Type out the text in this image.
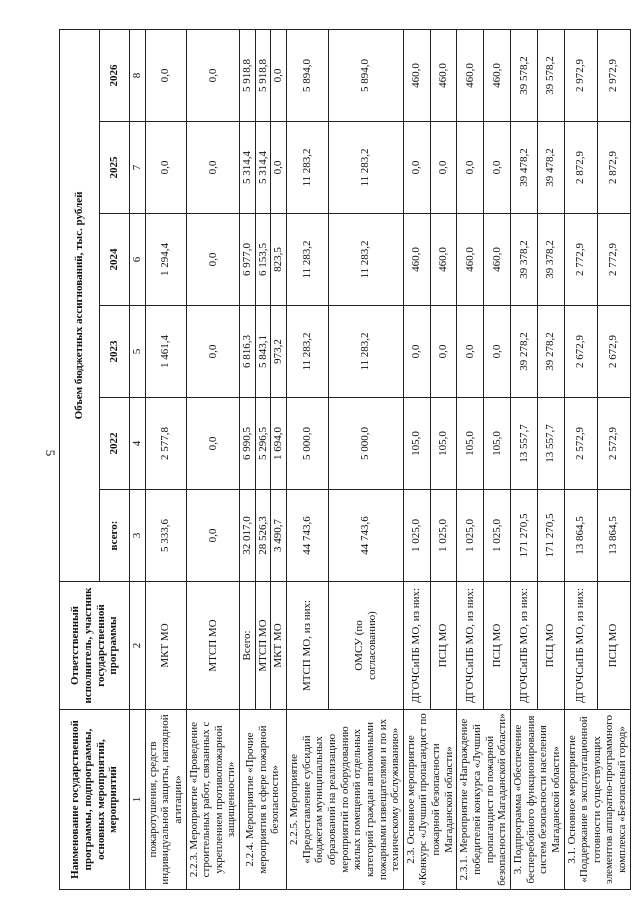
5
Наименование государственной программы, подпрограммы, основных мероприятий, мероприятий	Ответственный исполнитель, участник государственной программы	Объем бюджетных ассигнований, тыс. рублей					
		всего:	2022	2023	2024	2025	2026
1	2	3	4	5	6	7	8
пожаротушения, средств индивидуальной защиты, наглядной агитации»	МКТ МО	5 333,6	2 577,8	1 461,4	1 294,4	0,0	0,0
2.2.3. Мероприятие «Проведение строительных работ, связанных с укреплением противопожарной защищенности»	МТСП МО	0,0	0,0	0,0	0,0	0,0	0,0
2.2.4. Мероприятие «Прочие мероприятия в сфере пожарной безопасности»	Всего:	32 017,0	6 990,5	6 816,3	6 977,0	5 314,4	5 918,8
	МТСП МО	28 526,3	5 296,5	5 843,1	6 153,5	5 314,4	5 918,8
	МКТ МО	3 490,7	1 694,0	973,2	823,5	0,0	0,0
2.2.5. Мероприятие «Предоставление субсидий бюджетам муниципальных образований на реализацию мероприятий по оборудованию жилых помещений отдельных категорий граждан автономными пожарными извещателями и по их техническому обслуживанию»	МТСП МО, из них:	44 743,6	5 000,0	11 283,2	11 283,2	11 283,2	5 894,0
	ОМСУ (по согласованию)	44 743,6	5 000,0	11 283,2	11 283,2	11 283,2	5 894,0
2.3. Основное мероприятие «Конкурс «Лучший пропагандист по пожарной безопасности Магаданской области»	ДГОЧСиПБ МО, из них:	1 025,0	105,0	0,0	460,0	0,0	460,0
	ПСЦ МО	1 025,0	105,0	0,0	460,0	0,0	460,0
2.3.1. Мероприятие «Награждение победителей конкурса «Лучший пропагандист по пожарной безопасности Магаданской области»	ДГОЧСиПБ МО, из них:	1 025,0	105,0	0,0	460,0	0,0	460,0
	ПСЦ МО	1 025,0	105,0	0,0	460,0	0,0	460,0
3. Подпрограмма «Обеспечение бесперебойного функционирования систем безопасности населения Магаданской области»	ДГОЧСиПБ МО, из них:	171 270,5	13 557,7	39 278,2	39 378,2	39 478,2	39 578,2
	ПСЦ МО	171 270,5	13 557,7	39 278,2	39 378,2	39 478,2	39 578,2
3.1. Основное мероприятие «Поддержание в эксплуатационной готовности существующих элементов аппаратно-программного комплекса «Безопасный город»	ДГОЧСиПБ МО, из них:	13 864,5	2 572,9	2 672,9	2 772,9	2 872,9	2 972,9
	ПСЦ МО	13 864,5	2 572,9	2 672,9	2 772,9	2 872,9	2 972,9
